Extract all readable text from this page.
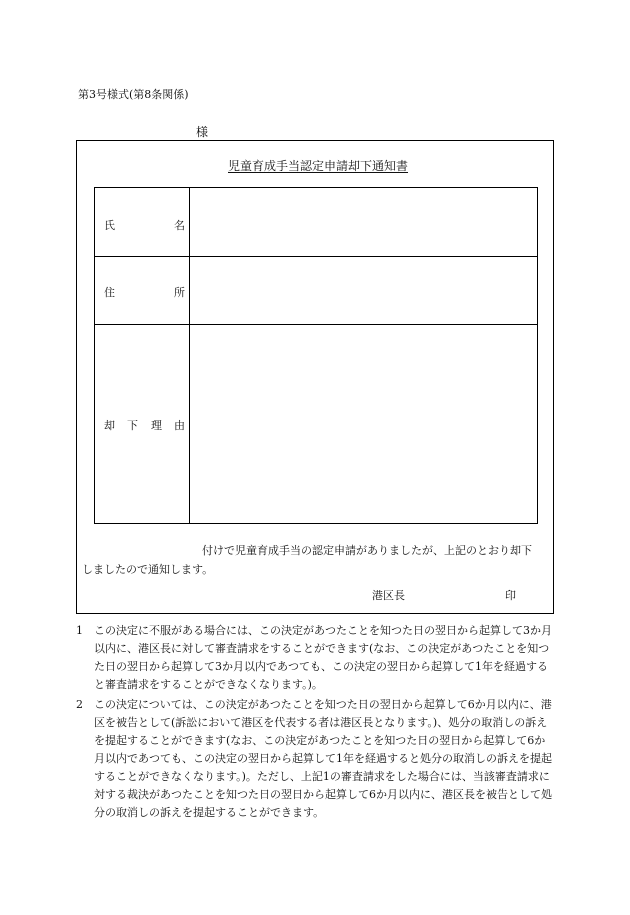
第3号様式(第8条関係)
様
児童育成手当認定申請却下通知書
氏	名
住	所
却 下 理 由
付けで児童育成手当の認定申請がありましたが、上記のとおり却下
しましたので通知します。
港区長	印
1	この決定に不服がある場合には、この決定があつたことを知つた日の翌日から起算して3か月以内に、港区長に対して審査請求をすることができます(なお、この決定があつたことを知つた日の翌日から起算して3か月以内であつても、この決定の翌日から起算して1年を経過すると審査請求をすることができなくなります。)。
2	この決定については、この決定があつたことを知つた日の翌日から起算して6か月以内に、港区を被告として(訴訟において港区を代表する者は港区長となります。)、処分の取消しの訴えを提起することができます(なお、この決定があつたことを知つた日の翌日から起算して6か月以内であつても、この決定の翌日から起算して1年を経過すると処分の取消しの訴えを提起することができなくなります。)。ただし、上記1の審査請求をした場合には、当該審査請求に対する裁決があつたことを知つた日の翌日から起算して6か月以内に、港区長を被告として処分の取消しの訴えを提起することができます。
